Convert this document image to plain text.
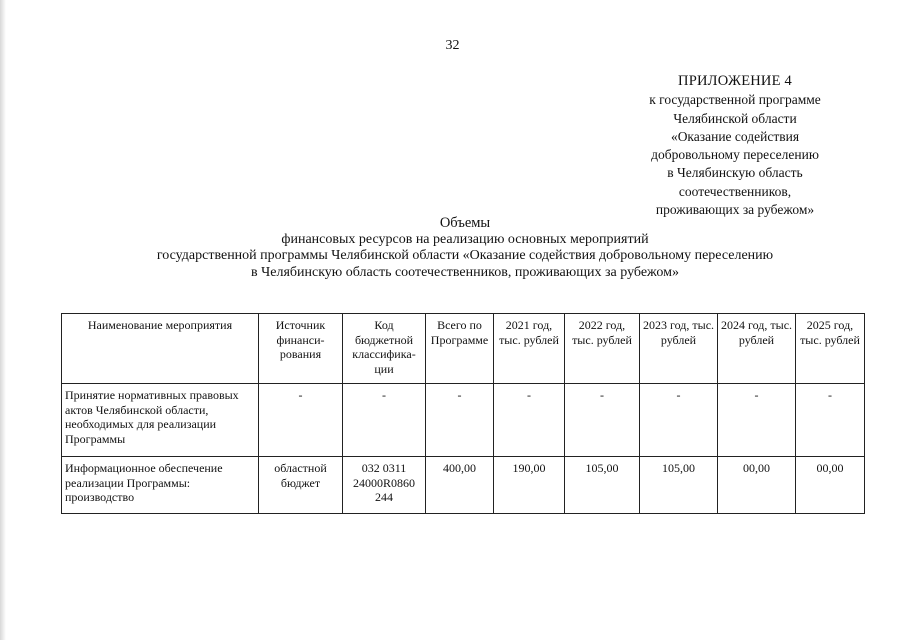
32
ПРИЛОЖЕНИЕ 4
к государственной программе
Челябинской области
«Оказание содействия
добровольному переселению
в Челябинскую область
соотечественников,
проживающих за рубежом»
Объемы
финансовых ресурсов на реализацию основных мероприятий
государственной программы Челябинской области «Оказание содействия добровольному переселению
в Челябинскую область соотечественников, проживающих за рубежом»
Наименование мероприятия	Источник финанси-рования	Код бюджетной классифика-ции	Всего по Программе	2021 год, тыс. рублей	2022 год, тыс. рублей	2023 год, тыс. рублей	2024 год, тыс. рублей	2025 год, тыс. рублей
Принятие нормативных правовых актов Челябинской области, необходимых для реализации Программы	-	-	-	-	-	-	-	-
Информационное обеспечение реализации Программы: производство	областной бюджет	032 0311 24000R0860 244	400,00	190,00	105,00	105,00	00,00	00,00
